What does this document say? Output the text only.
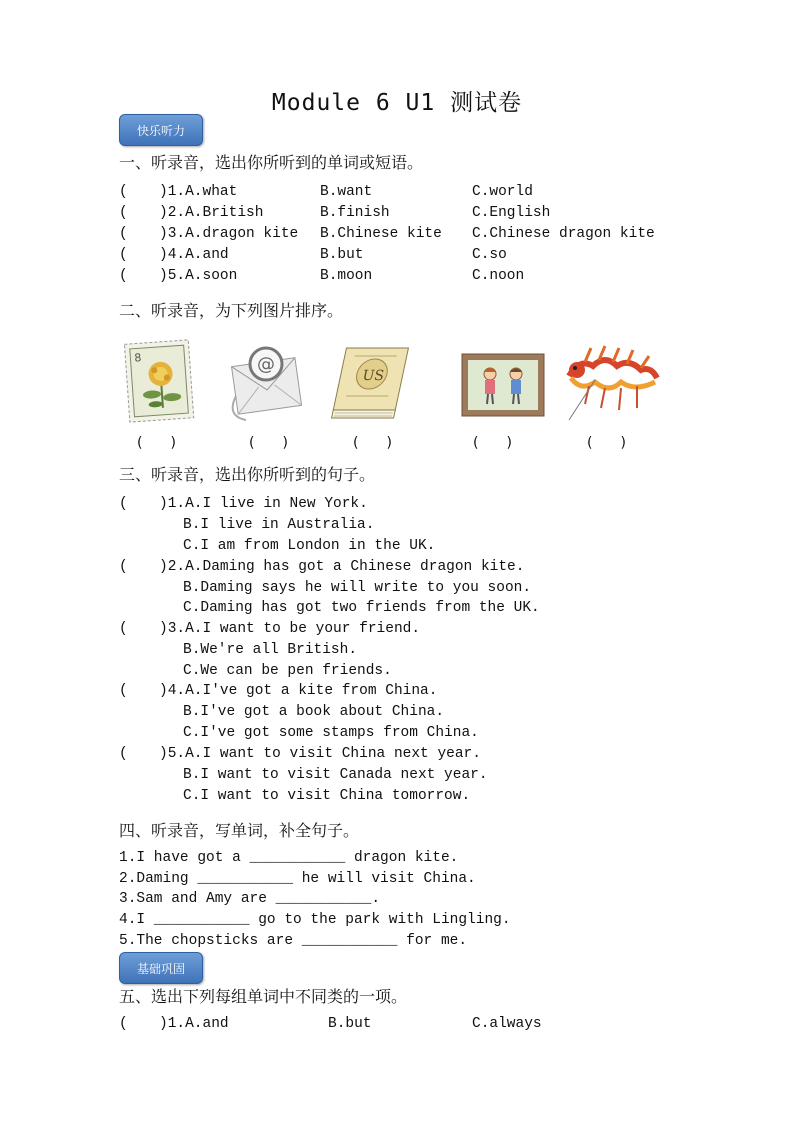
Module 6 U1 测试卷
快乐听力
一、听录音，选出你所听到的单词或短语。
( )1.A.what	B.want	C.world
( )2.A.British	B.finish	C.English
( )3.A.dragon kite B.Chinese kite C.Chinese dragon kite
( )4.A.and	B.but	C.so
( )5.A.soon	B.moon	C.noon
二、听录音，为下列图片排序。
8	@
US
(　　)	(　　)	(　　)	(　　)	(　　)
三、听录音，选出你所听到的句子。
( )1.A.I live in New York.
B.I live in Australia.
C.I am from London in the UK.
( )2.A.Daming has got a Chinese dragon kite.
B.Daming says he will write to you soon.
C.Daming has got two friends from the UK.
( )3.A.I want to be your friend.
B.We're all British.
C.We can be pen friends.
( )4.A.I've got a kite from China.
B.I've got a book about China.
C.I've got some stamps from China.
( )5.A.I want to visit China next year.
B.I want to visit Canada next year.
C.I want to visit China tomorrow.
四、听录音，写单词，补全句子。
1.I have got a ___________ dragon kite.
2.Daming ___________ he will visit China.
3.Sam and Amy are ___________.
4.I ___________ go to the park with Lingling.
5.The chopsticks are ___________ for me.
基础巩固
五、选出下列每组单词中不同类的一项。
( )1.A.and	B.but	C.always
